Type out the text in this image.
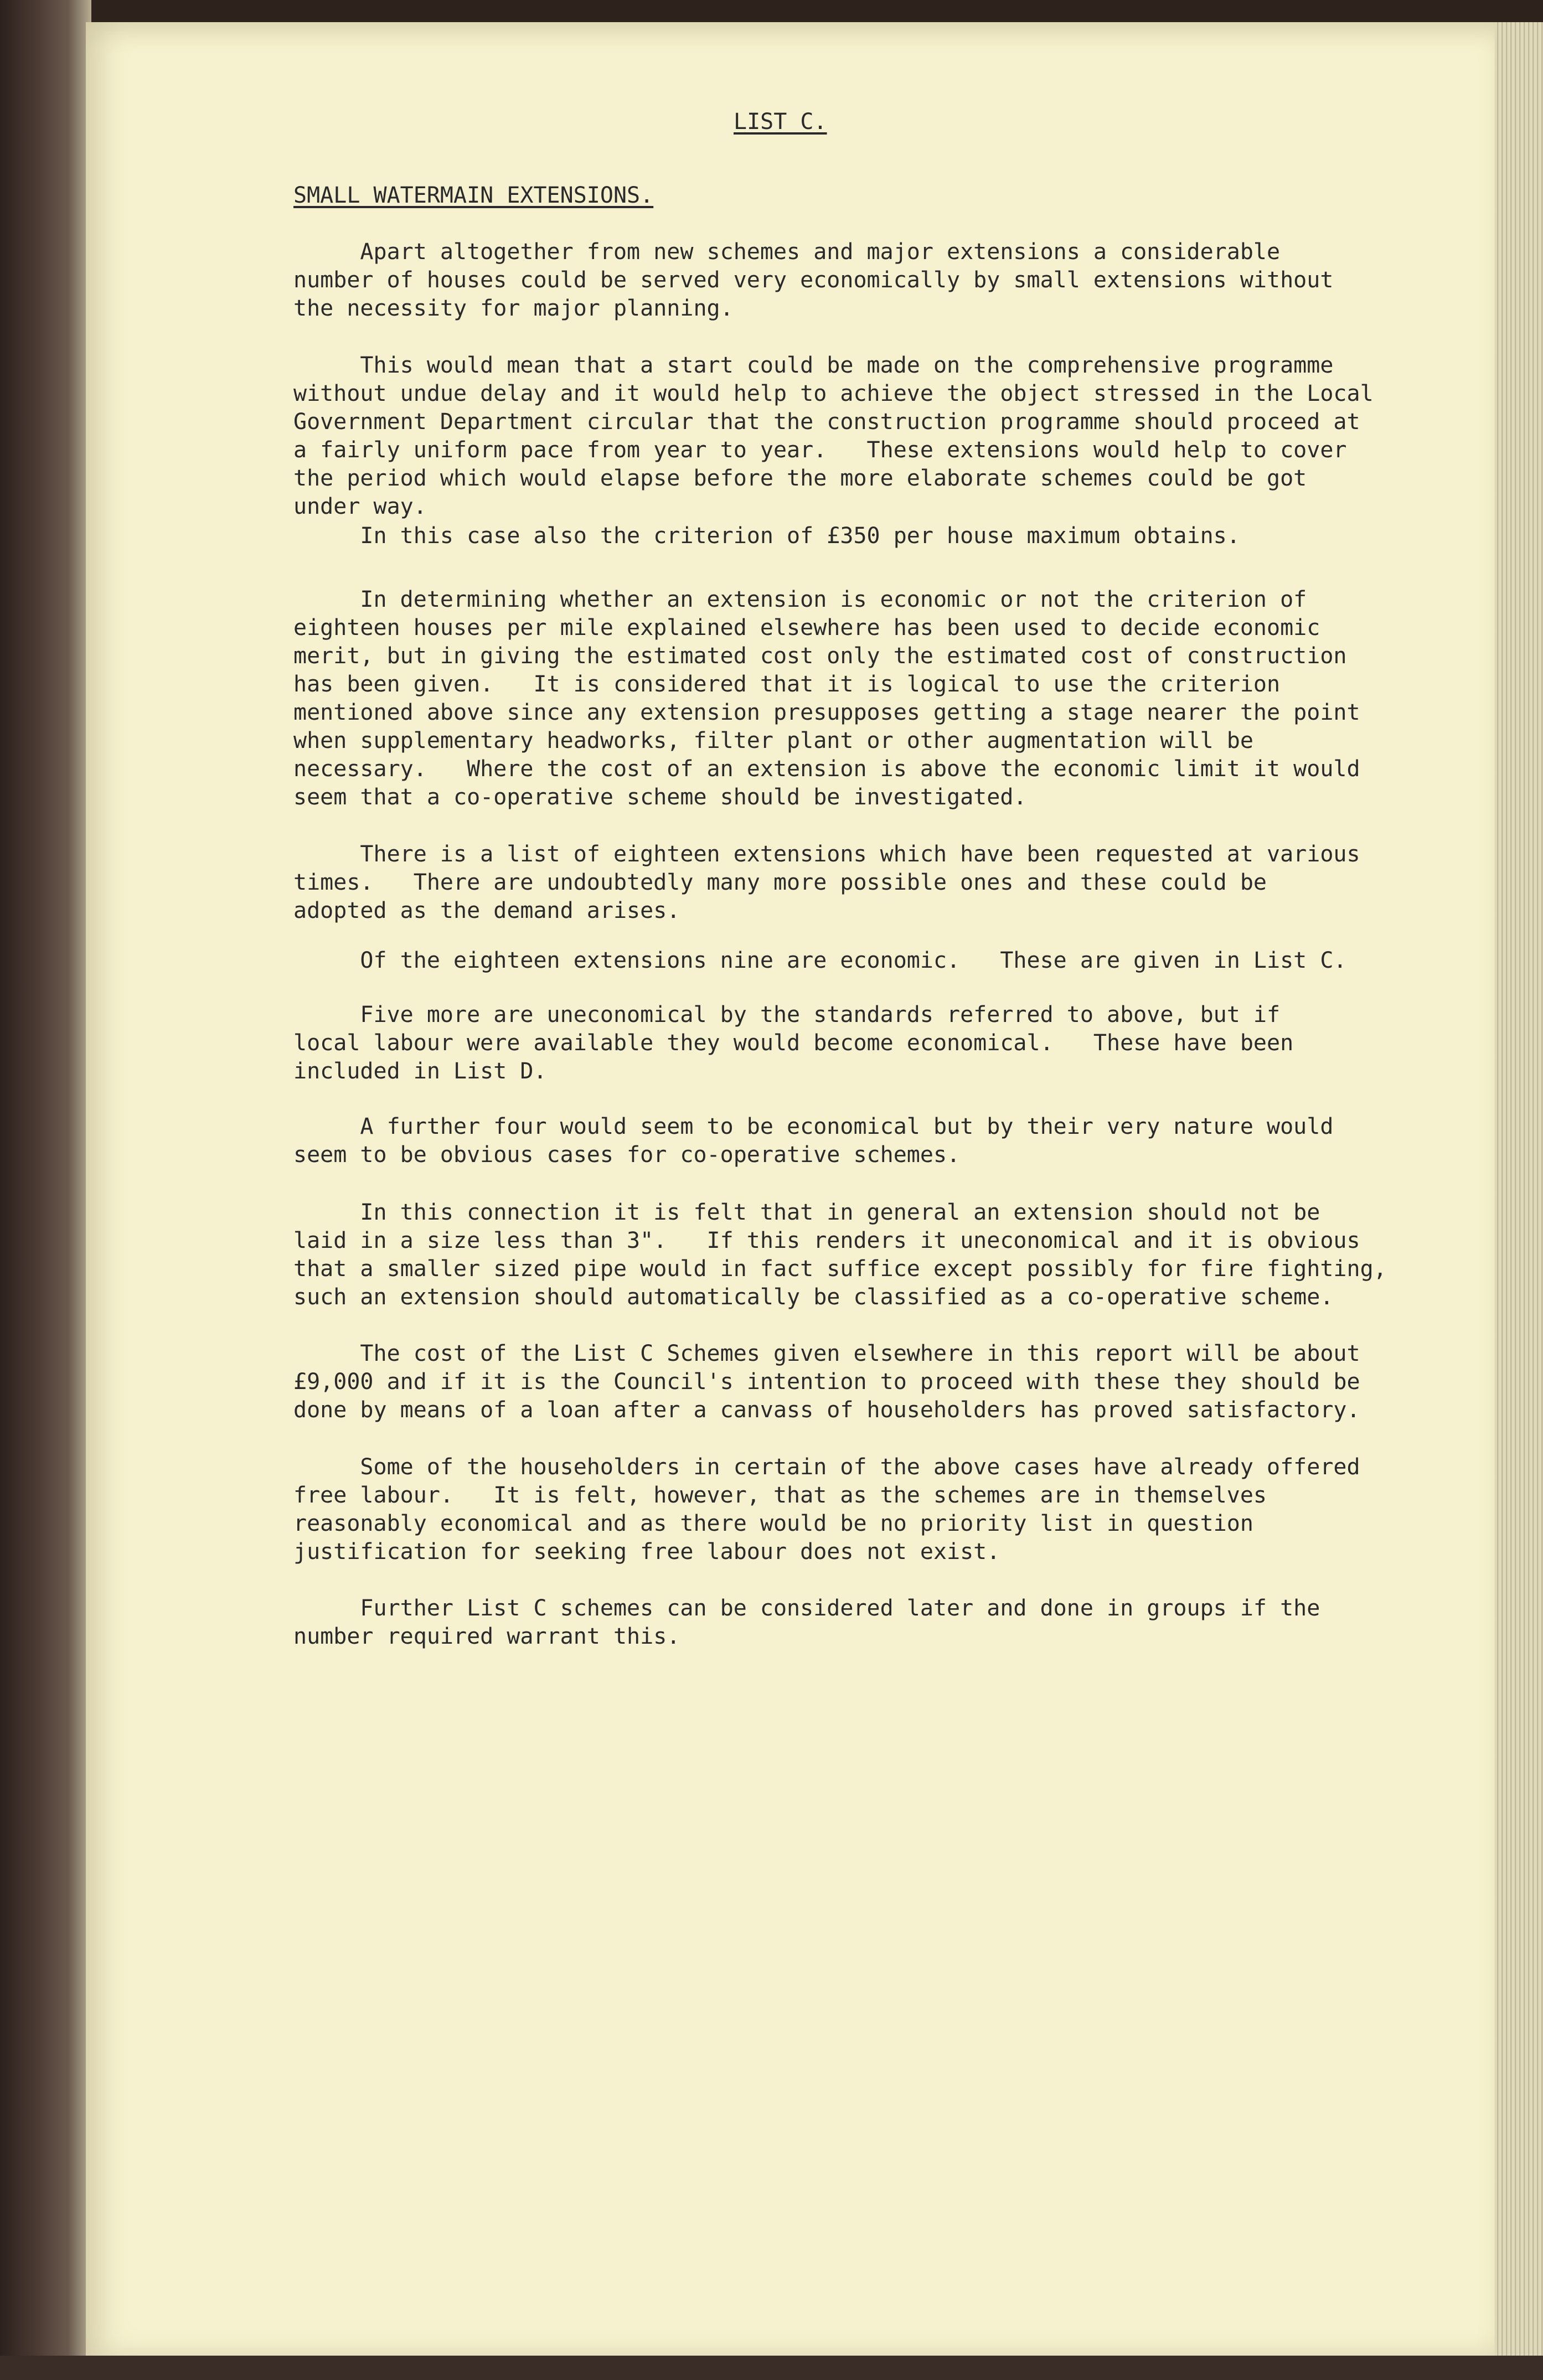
LIST C.
SMALL WATERMAIN EXTENSIONS.
Apart altogether from new schemes and major extensions a considerable
number of houses could be served very economically by small extensions without
the necessity for major planning.
This would mean that a start could be made on the comprehensive programme
without undue delay and it would help to achieve the object stressed in the Local
Government Department circular that the construction programme should proceed at
a fairly uniform pace from year to year.   These extensions would help to cover
the period which would elapse before the more elaborate schemes could be got
under way.
In this case also the criterion of £350 per house maximum obtains.
In determining whether an extension is economic or not the criterion of
eighteen houses per mile explained elsewhere has been used to decide economic
merit, but in giving the estimated cost only the estimated cost of construction
has been given.   It is considered that it is logical to use the criterion
mentioned above since any extension presupposes getting a stage nearer the point
when supplementary headworks, filter plant or other augmentation will be
necessary.   Where the cost of an extension is above the economic limit it would
seem that a co-operative scheme should be investigated.
There is a list of eighteen extensions which have been requested at various
times.   There are undoubtedly many more possible ones and these could be
adopted as the demand arises.
Of the eighteen extensions nine are economic.   These are given in List C.
Five more are uneconomical by the standards referred to above, but if
local labour were available they would become economical.   These have been
included in List D.
A further four would seem to be economical but by their very nature would
seem to be obvious cases for co-operative schemes.
In this connection it is felt that in general an extension should not be
laid in a size less than 3".   If this renders it uneconomical and it is obvious
that a smaller sized pipe would in fact suffice except possibly for fire fighting,
such an extension should automatically be classified as a co-operative scheme.
The cost of the List C Schemes given elsewhere in this report will be about
£9,000 and if it is the Council's intention to proceed with these they should be
done by means of a loan after a canvass of householders has proved satisfactory.
Some of the householders in certain of the above cases have already offered
free labour.   It is felt, however, that as the schemes are in themselves
reasonably economical and as there would be no priority list in question
justification for seeking free labour does not exist.
Further List C schemes can be considered later and done in groups if the
number required warrant this.
